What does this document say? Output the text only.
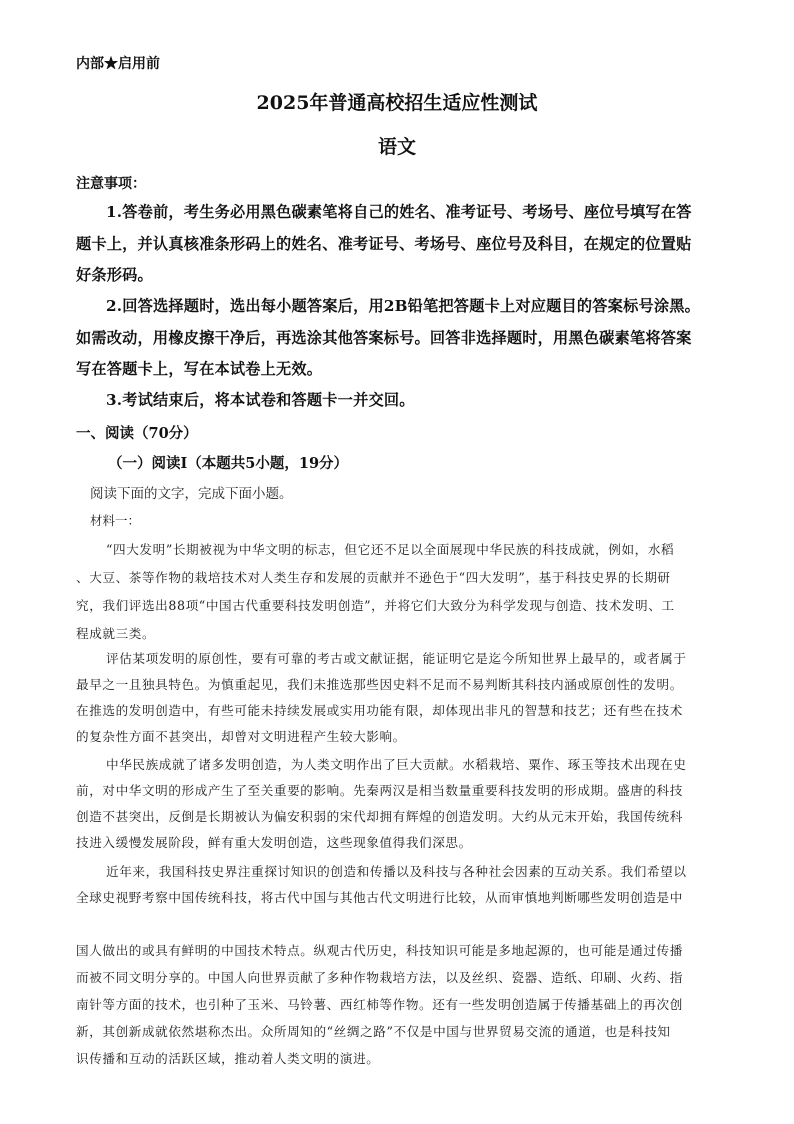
内部★启用前
2025年普通高校招生适应性测试
语文
注意事项：
1.答卷前，考生务必用黑色碳素笔将自己的姓名、准考证号、考场号、座位号填写在答
题卡上，并认真核准条形码上的姓名、准考证号、考场号、座位号及科目，在规定的位置贴
好条形码。
2.回答选择题时，选出每小题答案后，用2B铅笔把答题卡上对应题目的答案标号涂黑。
如需改动，用橡皮擦干净后，再选涂其他答案标号。回答非选择题时，用黑色碳素笔将答案
写在答题卡上，写在本试卷上无效。
3.考试结束后，将本试卷和答题卡一并交回。
一、阅读（70分）
（一）阅读I（本题共5小题，19分）
阅读下面的文字，完成下面小题。
材料一：
“四大发明”长期被视为中华文明的标志，但它还不足以全面展现中华民族的科技成就，例如，水稻
、大豆、茶等作物的栽培技术对人类生存和发展的贡献并不逊色于“四大发明”，基于科技史界的长期研
究，我们评选出88项“中国古代重要科技发明创造”，并将它们大致分为科学发现与创造、技术发明、工
程成就三类。
评估某项发明的原创性，要有可靠的考古或文献证据，能证明它是迄今所知世界上最早的，或者属于
最早之一且独具特色。为慎重起见，我们未推选那些因史料不足而不易判断其科技内涵或原创性的发明。
在推选的发明创造中，有些可能未持续发展或实用功能有限，却体现出非凡的智慧和技艺；还有些在技术
的复杂性方面不甚突出，却曾对文明进程产生较大影响。
中华民族成就了诸多发明创造，为人类文明作出了巨大贡献。水稻栽培、粟作、琢玉等技术出现在史
前，对中华文明的形成产生了至关重要的影响。先秦两汉是相当数量重要科技发明的形成期。盛唐的科技
创造不甚突出，反倒是长期被认为偏安积弱的宋代却拥有辉煌的创造发明。大约从元末开始，我国传统科
技进入缓慢发展阶段，鲜有重大发明创造，这些现象值得我们深思。
近年来，我国科技史界注重探讨知识的创造和传播以及科技与各种社会因素的互动关系。我们希望以
全球史视野考察中国传统科技，将古代中国与其他古代文明进行比较，从而审慎地判断哪些发明创造是中
国人做出的或具有鲜明的中国技术特点。纵观古代历史，科技知识可能是多地起源的，也可能是通过传播
而被不同文明分享的。中国人向世界贡献了多种作物栽培方法，以及丝织、瓷器、造纸、印刷、火药、指
南针等方面的技术，也引种了玉米、马铃薯、西红柿等作物。还有一些发明创造属于传播基础上的再次创
新，其创新成就依然堪称杰出。众所周知的“丝绸之路”不仅是中国与世界贸易交流的通道，也是科技知
识传播和互动的活跃区域，推动着人类文明的演进。
